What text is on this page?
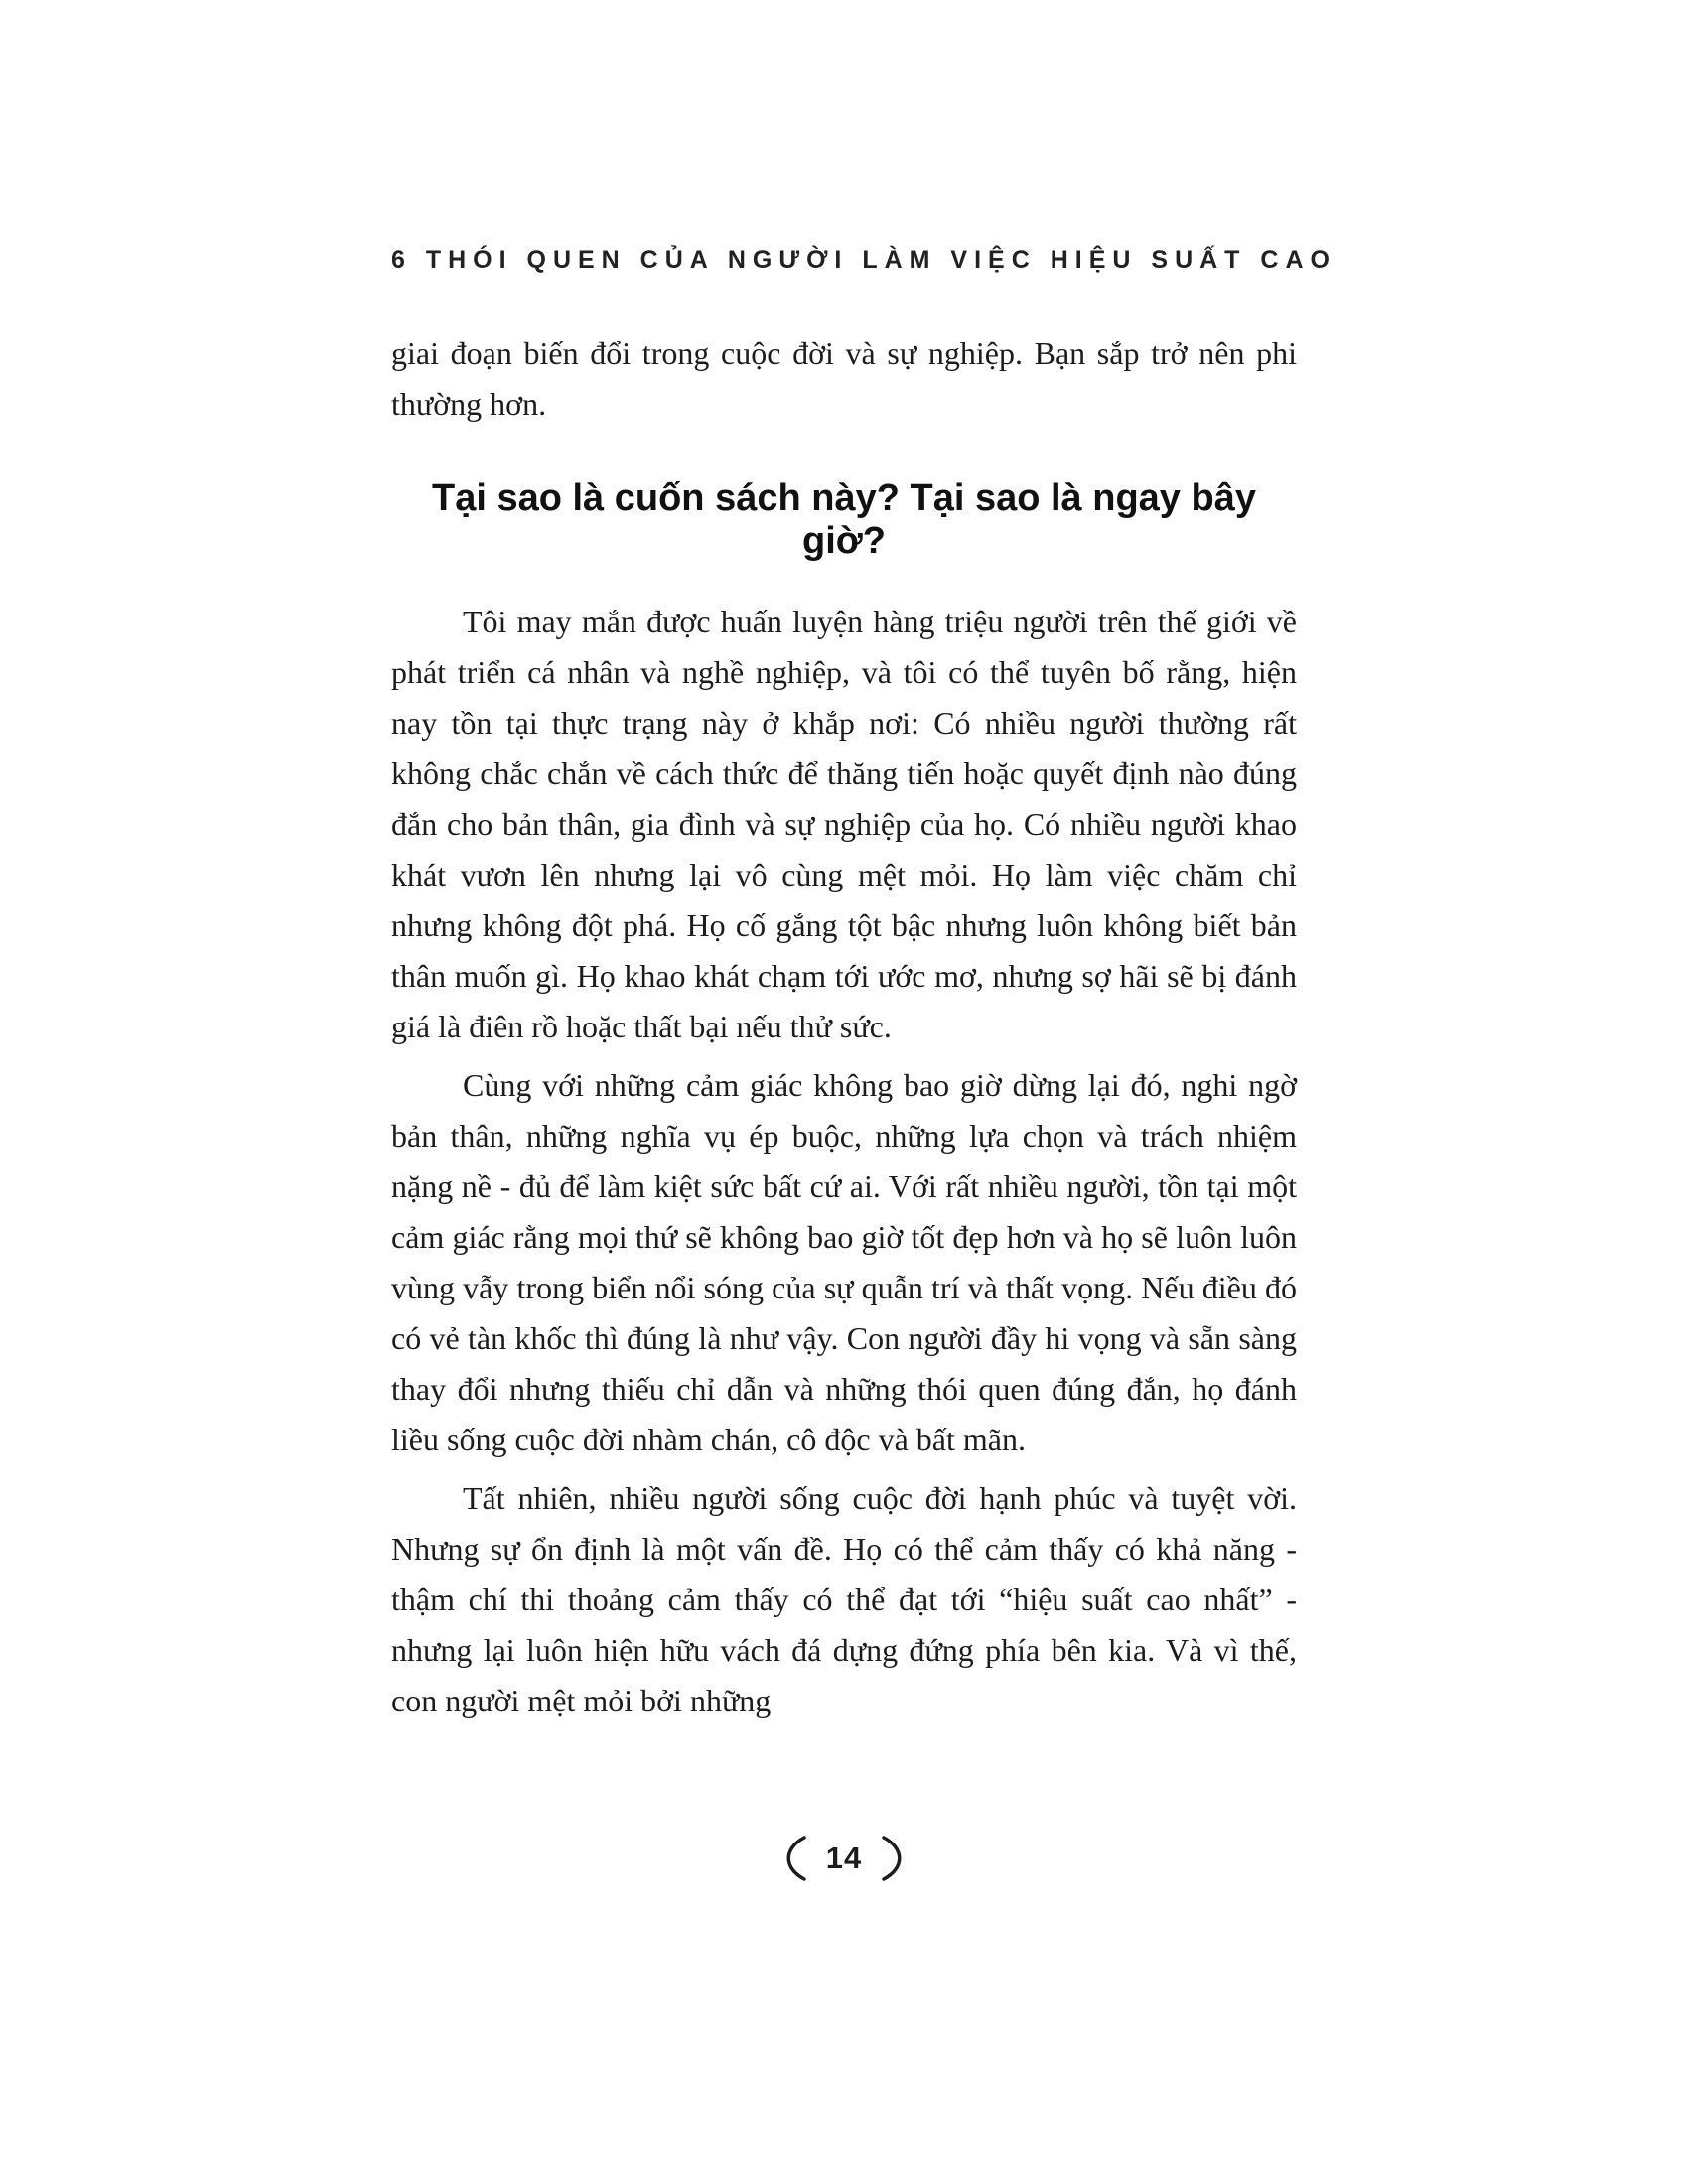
6 THÓI QUEN CỦA NGƯỜI LÀM VIỆC HIỆU SUẤT CAO

giai đoạn biến đổi trong cuộc đời và sự nghiệp. Bạn sắp trở nên phi thường hơn.

Tại sao là cuốn sách này? Tại sao là ngay bây giờ?

Tôi may mắn được huấn luyện hàng triệu người trên thế giới về phát triển cá nhân và nghề nghiệp, và tôi có thể tuyên bố rằng, hiện nay tồn tại thực trạng này ở khắp nơi: Có nhiều người thường rất không chắc chắn về cách thức để thăng tiến hoặc quyết định nào đúng đắn cho bản thân, gia đình và sự nghiệp của họ. Có nhiều người khao khát vươn lên nhưng lại vô cùng mệt mỏi. Họ làm việc chăm chỉ nhưng không đột phá. Họ cố gắng tột bậc nhưng luôn không biết bản thân muốn gì. Họ khao khát chạm tới ước mơ, nhưng sợ hãi sẽ bị đánh giá là điên rồ hoặc thất bại nếu thử sức.

Cùng với những cảm giác không bao giờ dừng lại đó, nghi ngờ bản thân, những nghĩa vụ ép buộc, những lựa chọn và trách nhiệm nặng nề - đủ để làm kiệt sức bất cứ ai. Với rất nhiều người, tồn tại một cảm giác rằng mọi thứ sẽ không bao giờ tốt đẹp hơn và họ sẽ luôn luôn vùng vẫy trong biển nổi sóng của sự quẫn trí và thất vọng. Nếu điều đó có vẻ tàn khốc thì đúng là như vậy. Con người đầy hi vọng và sẵn sàng thay đổi nhưng thiếu chỉ dẫn và những thói quen đúng đắn, họ đánh liều sống cuộc đời nhàm chán, cô độc và bất mãn.

Tất nhiên, nhiều người sống cuộc đời hạnh phúc và tuyệt vời. Nhưng sự ổn định là một vấn đề. Họ có thể cảm thấy có khả năng - thậm chí thi thoảng cảm thấy có thể đạt tới “hiệu suất cao nhất” - nhưng lại luôn hiện hữu vách đá dựng đứng phía bên kia. Và vì thế, con người mệt mỏi bởi những

14
